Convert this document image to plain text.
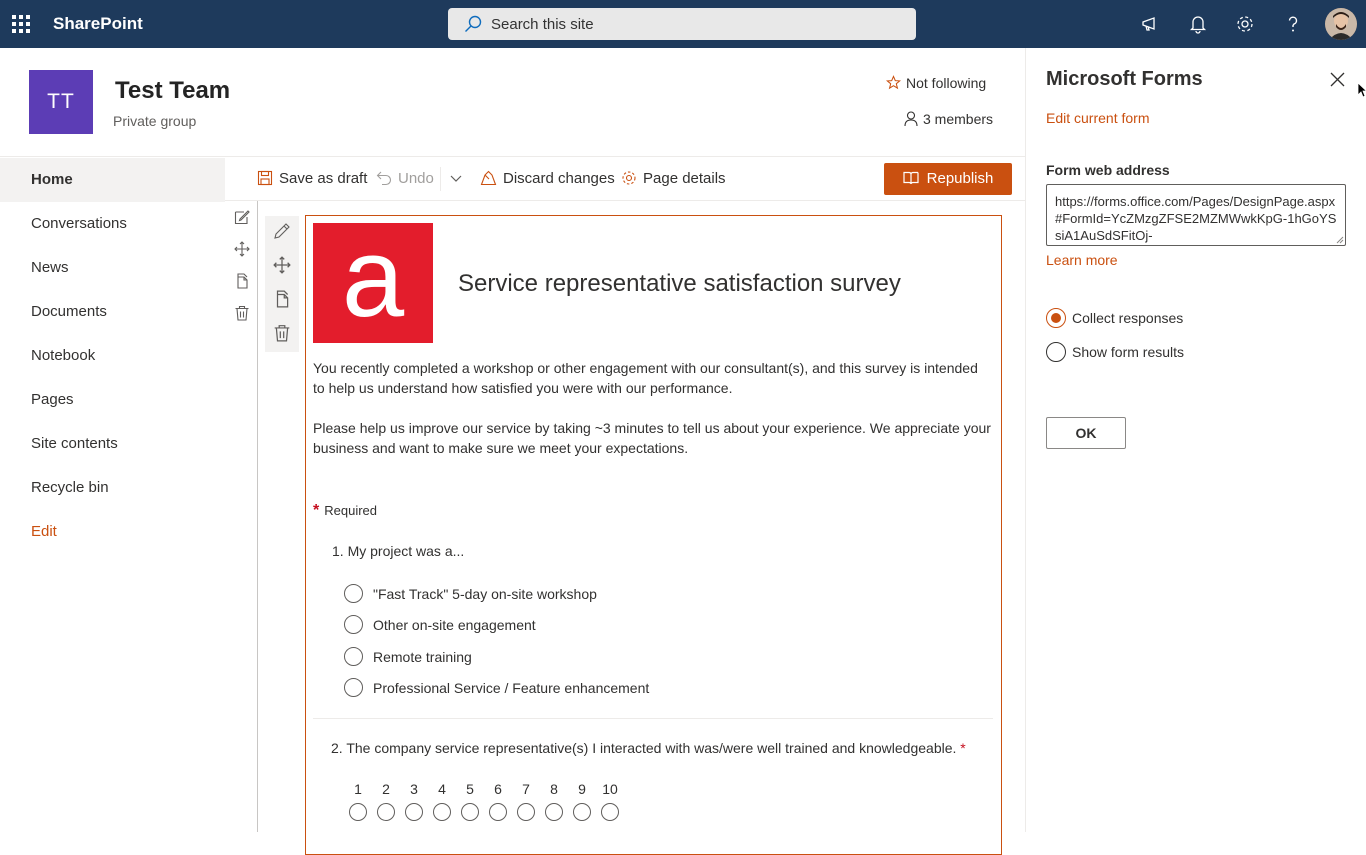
SharePoint	Search this site
TT	Test Team
Private group
Not following
3 members
Home
Conversations
News
Documents
Notebook
Pages
Site contents
Recycle bin
Edit
Save as draft	Undo	Discard changes	Page details	Republish
a	Service representative satisfaction survey
You recently completed a workshop or other engagement with our consultant(s), and this survey is intended to help us understand how satisfied you were with our performance.
Please help us improve our service by taking ~3 minutes to tell us about your experience. We appreciate your business and want to make sure we meet your expectations.
* Required
1. My project was a...
"Fast Track" 5-day on-site workshop
Other on-site engagement
Remote training
Professional Service / Feature enhancement
2. The company service representative(s) I interacted with was/were well trained and knowledgeable. *
1	2	3	4	5	6	7	8	9	10
Microsoft Forms
Edit current form
Form web address
https://forms.office.com/Pages/DesignPage.aspx#FormId=YcZMzgZFSE2MZMWwkKpG-1hGoYSsiA1AuSdSFitOj-
Learn more
Collect responses
Show form results
OK
